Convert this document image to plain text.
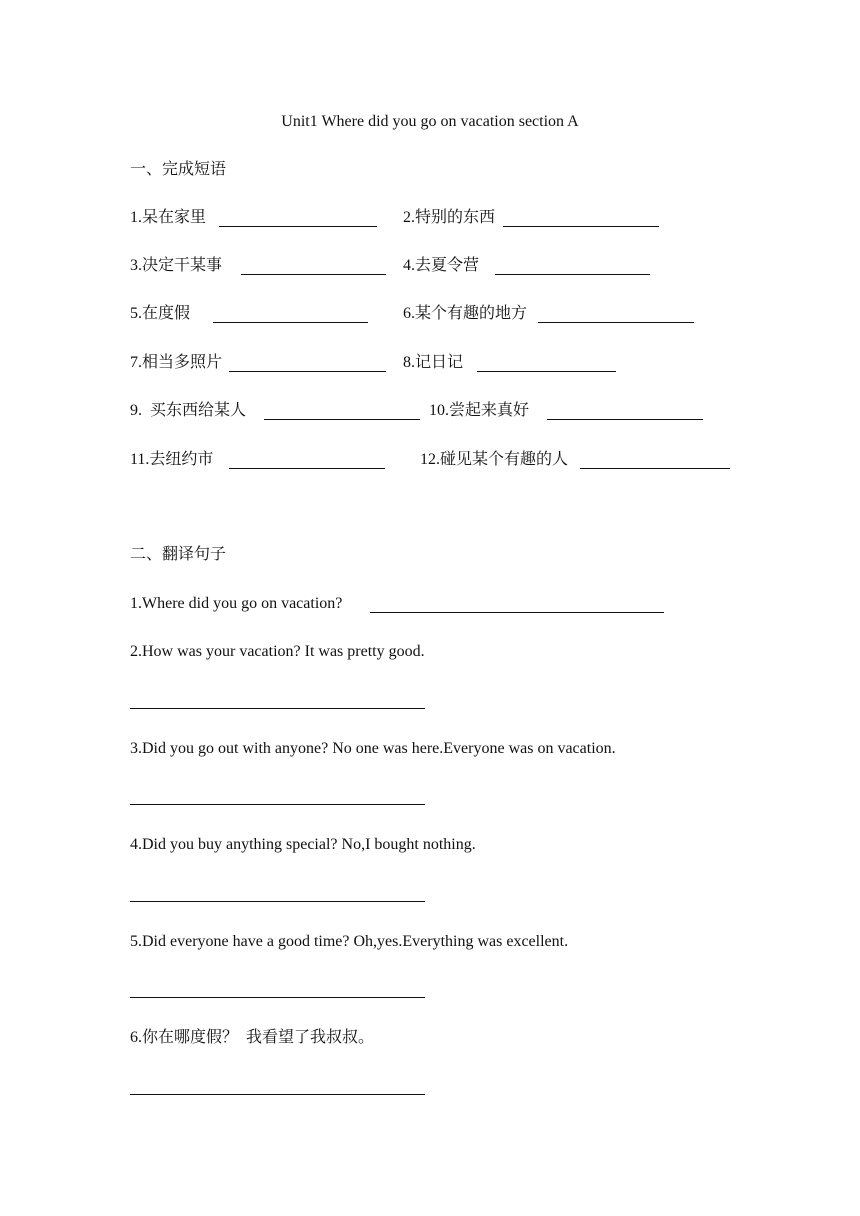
Unit1 Where did you go on vacation section A
一、完成短语
1.呆在家里	2.特别的东西
3.决定干某事	4.去夏令营
5.在度假	6.某个有趣的地方
7.相当多照片	8.记日记
9.  买东西给某人	10.尝起来真好
11.去纽约市	12.碰见某个有趣的人
二、翻译句子
1.Where did you go on vacation?
2.How was your vacation? It was pretty good.
3.Did you go out with anyone? No one was here.Everyone was on vacation.
4.Did you buy anything special? No,I bought nothing.
5.Did everyone have a good time? Oh,yes.Everything was excellent.
6.你在哪度假？  我看望了我叔叔。
